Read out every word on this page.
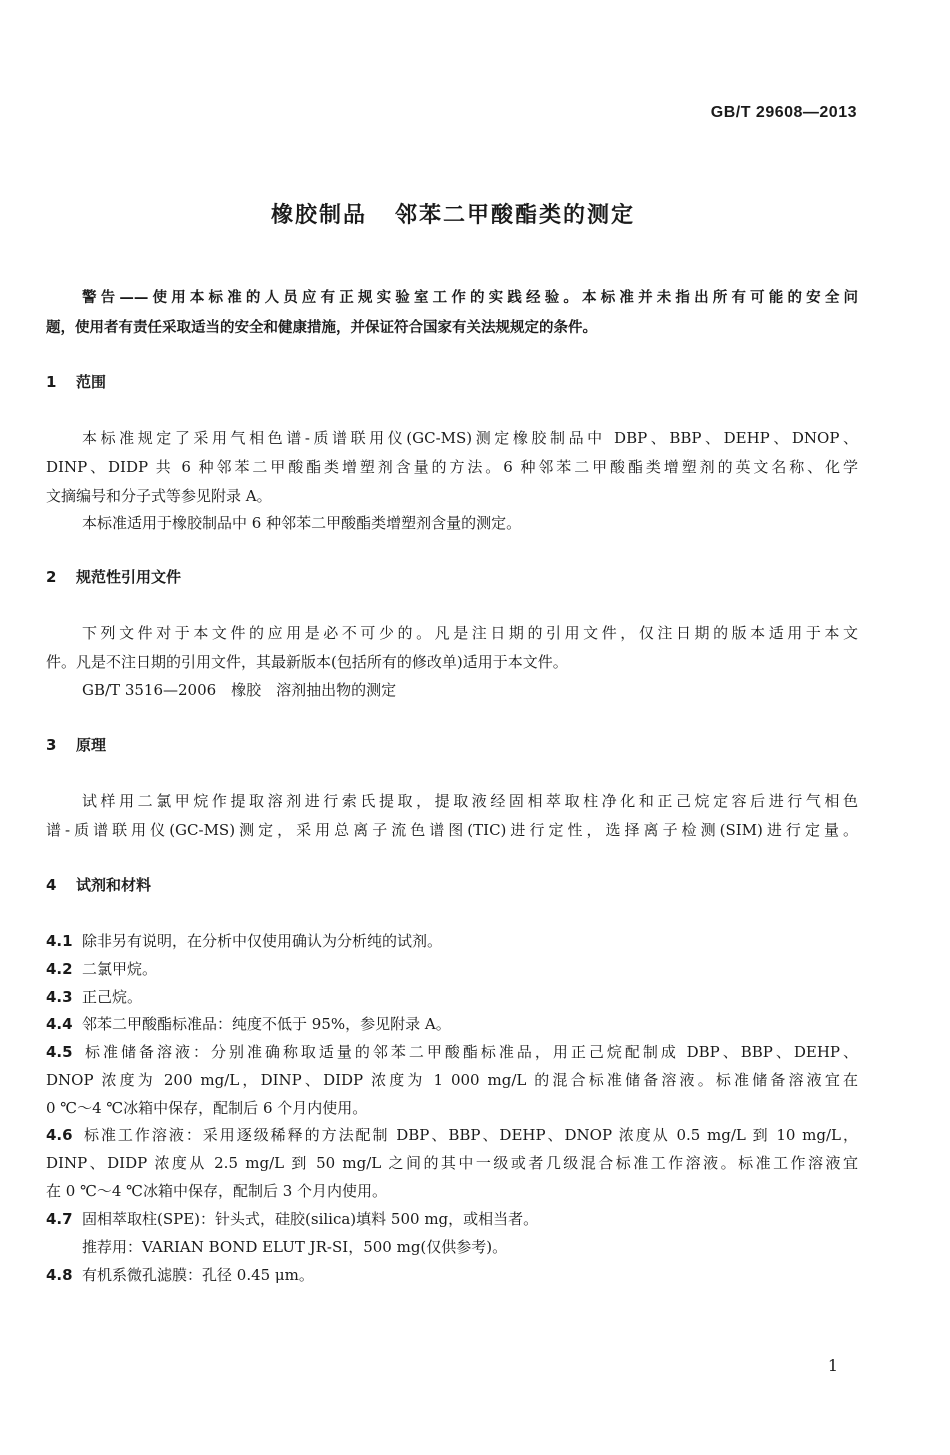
GB/T 29608—2013
橡胶制品 邻苯二甲酸酯类的测定
警告——使用本标准的人员应有正规实验室工作的实践经验。本标准并未指出所有可能的安全问
题，使用者有责任采取适当的安全和健康措施，并保证符合国家有关法规规定的条件。
1 范围
本标准规定了采用气相色谱-质谱联用仪(GC-MS)测定橡胶制品中 DBP、BBP、DEHP、DNOP、
DINP、DIDP 共 6 种邻苯二甲酸酯类增塑剂含量的方法。6 种邻苯二甲酸酯类增塑剂的英文名称、化学
文摘编号和分子式等参见附录 A。
本标准适用于橡胶制品中 6 种邻苯二甲酸酯类增塑剂含量的测定。
2 规范性引用文件
下列文件对于本文件的应用是必不可少的。凡是注日期的引用文件，仅注日期的版本适用于本文
件。凡是不注日期的引用文件，其最新版本(包括所有的修改单)适用于本文件。
GB/T 3516—2006　橡胶　溶剂抽出物的测定
3 原理
试样用二氯甲烷作提取溶剂进行索氏提取，提取液经固相萃取柱净化和正己烷定容后进行气相色
谱-质谱联用仪(GC-MS)测定，采用总离子流色谱图(TIC)进行定性，选择离子检测(SIM)进行定量。
4 试剂和材料
4.1 除非另有说明，在分析中仅使用确认为分析纯的试剂。
4.2 二氯甲烷。
4.3 正己烷。
4.4 邻苯二甲酸酯标准品：纯度不低于 95%，参见附录 A。
4.5 标准储备溶液：分别准确称取适量的邻苯二甲酸酯标准品，用正己烷配制成 DBP、BBP、DEHP、
DNOP 浓度为 200 mg/L，DINP、DIDP 浓度为 1 000 mg/L 的混合标准储备溶液。标准储备溶液宜在
0 ℃～4 ℃冰箱中保存，配制后 6 个月内使用。
4.6 标准工作溶液：采用逐级稀释的方法配制 DBP、BBP、DEHP、DNOP 浓度从 0.5 mg/L 到 10 mg/L，
DINP、DIDP 浓度从 2.5 mg/L 到 50 mg/L 之间的其中一级或者几级混合标准工作溶液。标准工作溶液宜
在 0 ℃～4 ℃冰箱中保存，配制后 3 个月内使用。
4.7 固相萃取柱(SPE)：针头式，硅胶(silica)填料 500 mg，或相当者。
推荐用：VARIAN BOND ELUT JR-SI，500 mg(仅供参考)。
4.8 有机系微孔滤膜：孔径 0.45 μm。
1
